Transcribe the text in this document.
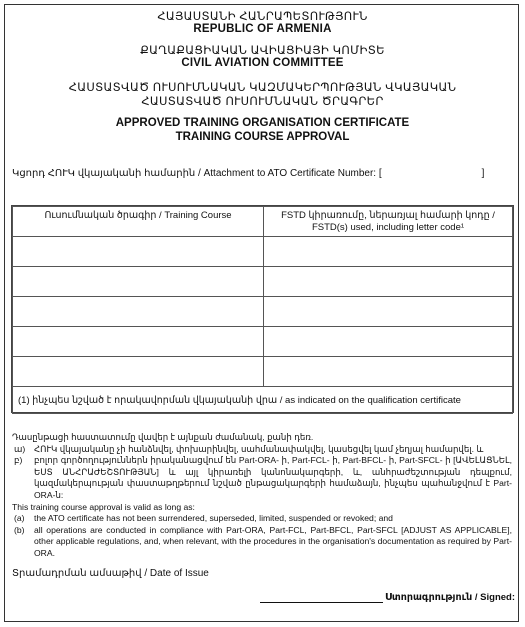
ՀԱՅԱՍՏԱՆԻ ՀԱՆՐԱՊԵՏՈՒԹՅՈՒՆ
REPUBLIC OF ARMENIA
ՔԱՂԱՔԱՑԻԱԿԱՆ ԱՎԻԱՑԻԱՅԻ ԿՈՄԻՏԵ
CIVIL AVIATION COMMITTEE
ՀԱՍՏԱՏՎԱԾ ՈՒՍՈՒՄՆԱԿԱՆ ԿԱԶՄԱԿԵՐՊՈՒԹՅԱՆ ՎԿԱՅԱԿԱՆ
ՀԱՍՏԱՏՎԱԾ ՈՒՍՈՒՄՆԱԿԱՆ ԾՐԱԳՐԵՐ
APPROVED TRAINING ORGANISATION CERTIFICATE
TRAINING COURSE APPROVAL
Կցորդ ՀՈՒԿ վկայականի համարին / Attachment to ATO Certificate Number: [	]
Ուսումնական ծրագիր / Training Course	FSTD կիրառումը, ներառյալ համարի կոդը /
FSTD(s) used, including letter code¹

(1) ինչպես նշված է որակավորման վկայականի վրա / as indicated on the qualification certificate	
Դասընթացի հաստատումը վավեր է այնքան ժամանակ, քանի դեռ.
ա)	ՀՈՒԿ վկայականը չի հանձնվել, փոխարինվել, սահմանափակվել, կասեցվել կամ չեղյալ համարվել. և
բ)	բոլոր գործողություններն իրականացվում են Part-ORA- ի, Part-FCL- ի, Part-BFCL- ի, Part-SFCL- ի [ԱՎԵԼԱՑՆԵԼ, ԵՍՏ ԱՆՀՐԱԺԵՇՏՈՒԹՅԱՆ] և այլ կիրառելի կանոնակարգերի, և, անհրաժեշտության դեպքում, կազմակերպության փաստաթղթերում նշված ընթացակարգերի համաձայն, ինչպես պահանջվում է Part-ORA-ն:
This training course approval is valid as long as:
(a)	the ATO certificate has not been surrendered, superseded, limited, suspended or revoked; and
(b)	all operations are conducted in compliance with Part-ORA, Part-FCL, Part-BFCL, Part-SFCL [ADJUST AS APPLICABLE], other applicable regulations, and, when relevant, with the procedures in the organisation's documentation as required by Part-ORA.
Տրամադրման ամսաթիվ / Date of Issue
Ստորագրություն / Signed:
